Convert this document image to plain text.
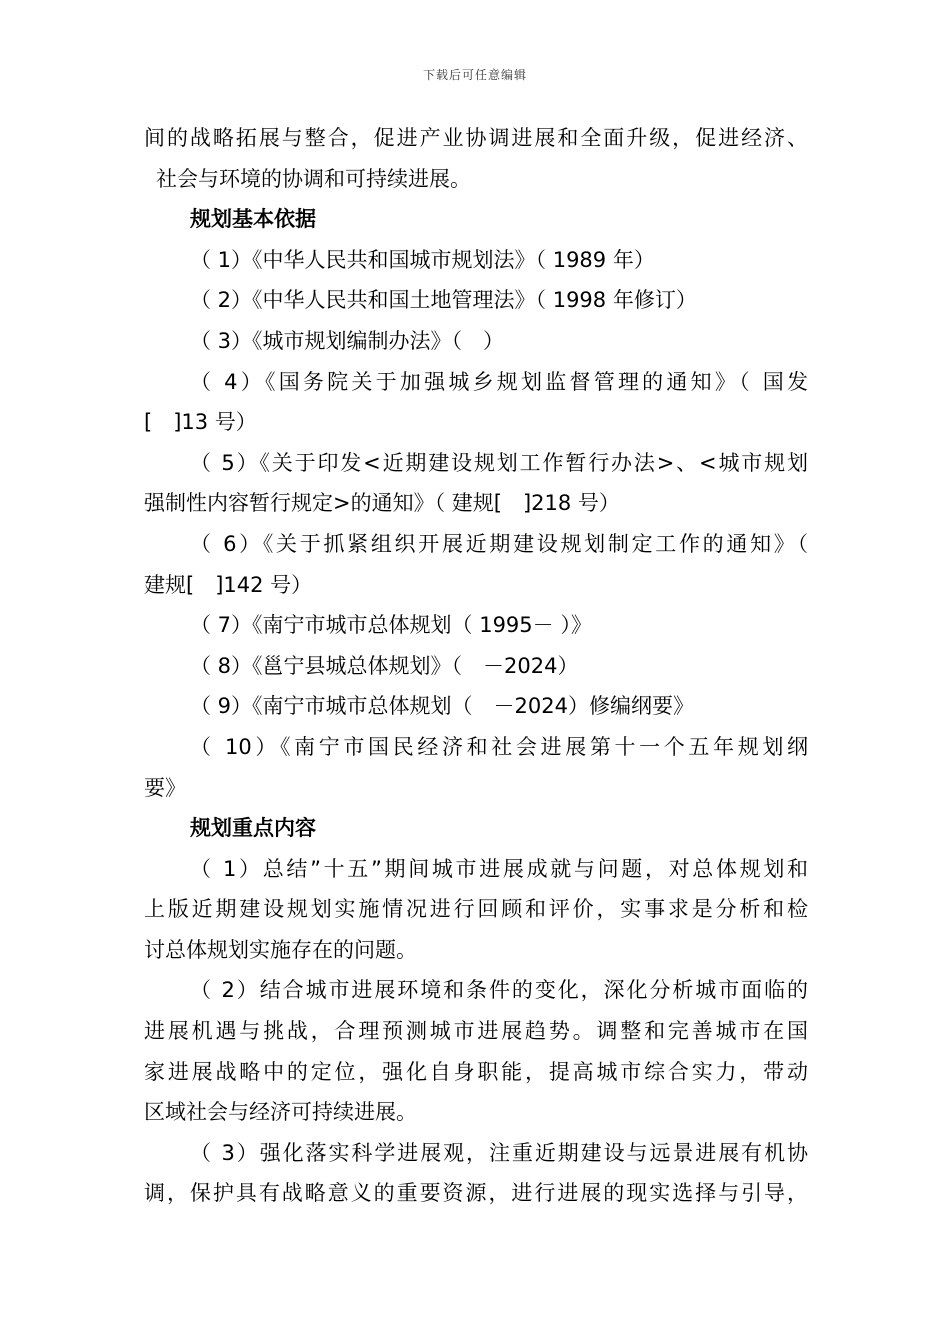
下载后可任意编辑
间的战略拓展与整合，促进产业协调进展和全面升级，促进经济、
社会与环境的协调和可持续进展。
规划基本依据
（ 1）《中华人民共和国城市规划法》（ 1989 年）
（ 2）《中华人民共和国土地管理法》（ 1998 年修订）
（ 3）《城市规划编制办法》（　）
（ 4）《国务院关于加强城乡规划监督管理的通知》（ 国发
[　]13 号）
（ 5）《关于印发<近期建设规划工作暂行办法>、<城市规划
强制性内容暂行规定>的通知》（ 建规[　]218 号）
（ 6）《关于抓紧组织开展近期建设规划制定工作的通知》（
建规[　]142 号）
（ 7）《南宁市城市总体规划（ 1995－ ）》
（ 8）《邕宁县城总体规划》（　－2024）
（ 9）《南宁市城市总体规划（　－2024）修编纲要》
（ 10）《南宁市国民经济和社会进展第十一个五年规划纲
要》
规划重点内容
（ 1）总结”十五”期间城市进展成就与问题，对总体规划和
上版近期建设规划实施情况进行回顾和评价，实事求是分析和检
讨总体规划实施存在的问题。
（ 2）结合城市进展环境和条件的变化，深化分析城市面临的
进展机遇与挑战，合理预测城市进展趋势。调整和完善城市在国
家进展战略中的定位，强化自身职能，提高城市综合实力，带动
区域社会与经济可持续进展。
（ 3）强化落实科学进展观，注重近期建设与远景进展有机协
调，保护具有战略意义的重要资源，进行进展的现实选择与引导，
